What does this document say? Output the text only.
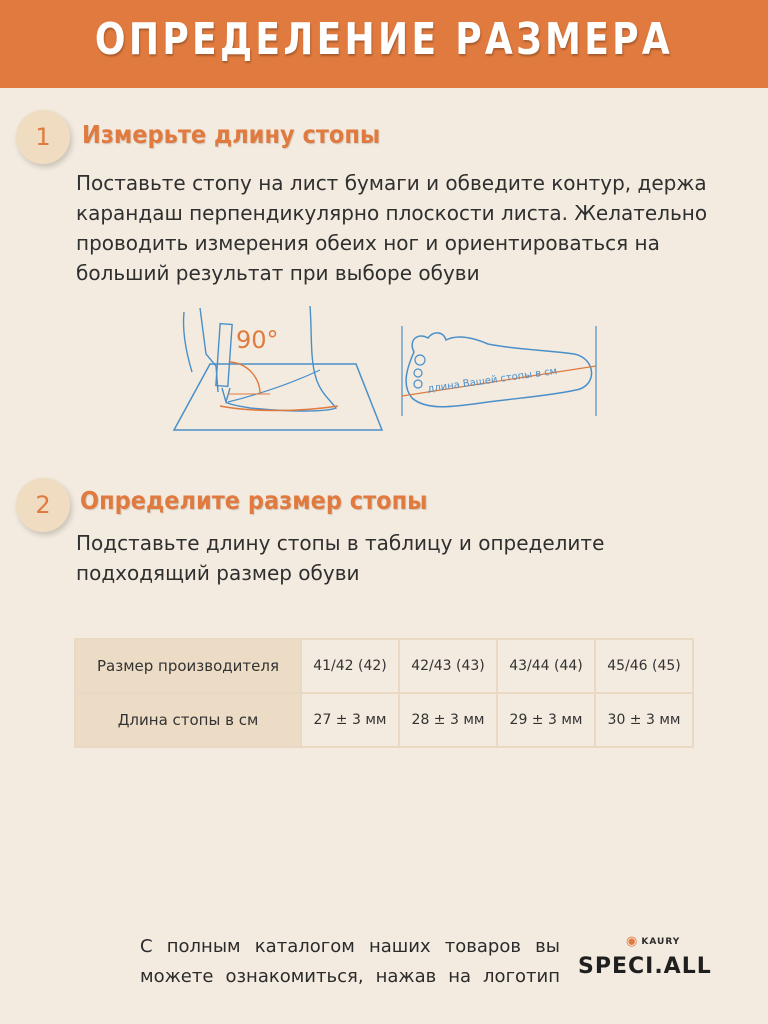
ОПРЕДЕЛЕНИЕ РАЗМЕРА
1 Измерьте длину стопы

Поставьте стопу на лист бумаги и обведите контур, держа

карандаш перпендикулярно плоскости листа. Желательно

проводить измерения обеих ног и ориентироваться на

больший результат при выборе обуви

90°
длина Вашей стопы в см
2 Определите размер стопы

Подставьте длину стопы в таблицу и определите

подходящий размер обуви

Размер производителя	41/42 (42)	42/43 (43)	43/44 (44)	45/46 (45)
Длина стопы в см	27 ± 3 мм	28 ± 3 мм	29 ± 3 мм	30 ± 3 мм

С полным каталогом наших товаров вы

можете ознакомиться, нажав на логотип

◉ KAURY
SPECI.ALL
